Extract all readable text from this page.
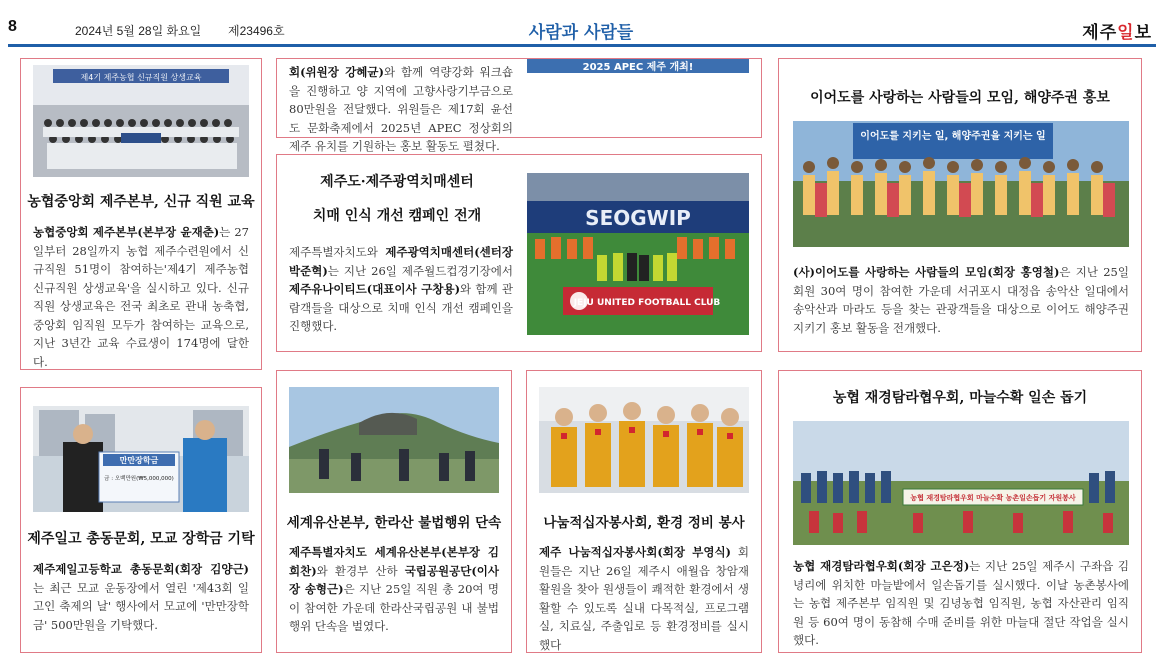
8	2024년 5월 28일 화요일 제23496호	사람과 사람들	제주일보
제4기 제주농협 신규직원 상생교육
농협중앙회 제주본부, 신규 직원 교육
농협중앙회 제주본부(본부장 윤재춘)는 27일부터 28일까지 농협 제주수련원에서 신규직원 51명이 참여하는'제4기 제주농협 신규직원 상생교육'을 실시하고 있다. 신규직원 상생교육은 전국 최초로 관내 농축협, 중앙회 임직원 모두가 참여하는 교육으로, 지난 3년간 교육 수료생이 174명에 달한다.
회(위원장 강혜균)와 함께 역량강화 워크숍을 진행하고 양 지역에 고향사랑기부금으로 80만원을 전달했다. 위원들은 제17회 윤선도 문화축제에서 2025년 APEC 정상회의 제주 유치를 기원하는 홍보 활동도 펼쳤다.
2025 APEC 제주 개최!
제주도·제주광역치매센터
치매 인식 개선 캠페인 전개
제주특별자치도와 제주광역치매센터(센터장 박준혁)는 지난 26일 제주월드컵경기장에서 제주유나이티드(대표이사 구창용)와 함께 관람객들을 대상으로 치매 인식 개선 캠페인을 진행했다.
SEOGWIP
JEJU UNITED FOOTBALL CLUB
이어도를 사랑하는 사람들의 모임, 해양주권 홍보
이어도를 지키는 일, 해양주권을 지키는 일
(사)이어도를 사랑하는 사람들의 모임(회장 홍영철)은 지난 25일 회원 30여 명이 참여한 가운데 서귀포시 대정읍 송악산 일대에서 송악산과 마라도 등을 찾는 관광객들을 대상으로 이어도 해양주권 지키기 홍보 활동을 전개했다.
만만장학금
금 : 오백만원(₩5,000,000)
제주일고 총동문회, 모교 장학금 기탁
제주제일고등학교 총동문회(회장 김양근)는 최근 모교 운동장에서 열린 '제43회 일고인 축제의 날' 행사에서 모교에 '만만장학금' 500만원을 기탁했다.
세계유산본부, 한라산 불법행위 단속
제주특별자치도 세계유산본부(본부장 김희찬)와 환경부 산하 국립공원공단(이사장 송형근)은 지난 25일 직원 총 20여 명이 참여한 가운데 한라산국립공원 내 불법행위 단속을 벌였다.
나눔적십자봉사회, 환경 정비 봉사
제주 나눔적십자봉사회(회장 부영식) 회원들은 지난 26일 제주시 애월읍 창암재활원을 찾아 원생들이 쾌적한 환경에서 생활할 수 있도록 실내 다목적실, 프로그램실, 치료실, 주출입로 등 환경정비를 실시했다
농협 재경탐라협우회, 마늘수확 일손 돕기
농협 재경탐라협우회 마늘수확 농촌일손돕기 자원봉사
농협 재경탐라협우회(회장 고은정)는 지난 25일 제주시 구좌읍 김녕리에 위치한 마늘밭에서 일손돕기를 실시했다. 이날 농촌봉사에는 농협 제주본부 임직원 및 김녕농협 임직원, 농협 자산관리 임직원 등 60여 명이 동참해 수매 준비를 위한 마늘대 절단 작업을 실시했다.
